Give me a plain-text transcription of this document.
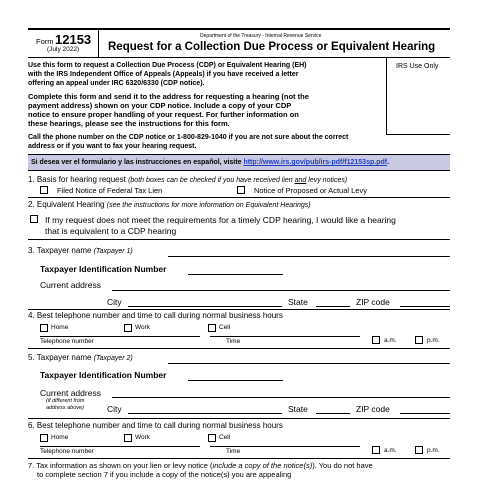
Form 12153
(July 2022)
Department of the Treasury - Internal Revenue Service
Request for a Collection Due Process or Equivalent Hearing
IRS Use Only
Use this form to request a Collection Due Process (CDP) or Equivalent Hearing (EH)
with the IRS Independent Office of Appeals (Appeals) if you have received a letter
offering an appeal under IRC 6320/6330 (CDP notice).
Complete this form and send it to the address for requesting a hearing (not the
payment address) shown on your CDP notice. Include a copy of your CDP
notice to ensure proper handling of your request. For further information on
these hearings, please see the instructions for this form.
Call the phone number on the CDP notice or 1-800-829-1040 if you are not sure about the correct
address or if you want to fax your hearing request.
Si desea ver el formulario y las instrucciones en español, visite http://www.irs.gov/pub/irs-pdf/f12153sp.pdf.
1. Basis for hearing request (both boxes can be checked if you have received lien and levy notices)
Filed Notice of Federal Tax Lien	Notice of Proposed or Actual Levy
2. Equivalent Hearing (see the instructions for more information on Equivalent Hearings)
If my request does not meet the requirements for a timely CDP hearing, I would like a hearing
that is equivalent to a CDP hearing
3. Taxpayer name (Taxpayer 1)
Taxpayer Identification Number
Current address
City	State	ZIP code
4. Best telephone number and time to call during normal business hours
Home	Work	Cell
a.m.	p.m.
Telephone number	Time
5. Taxpayer name (Taxpayer 2)
Taxpayer Identification Number
Current address
(if different from
address above)	City	State	ZIP code
6. Best telephone number and time to call during normal business hours
Home	Work	Cell
a.m.	p.m.
Telephone number	Time
7. Tax information as shown on your lien or levy notice (include a copy of the notice(s)). You do not have
to complete section 7 if you include a copy of the notice(s) you are appealing
